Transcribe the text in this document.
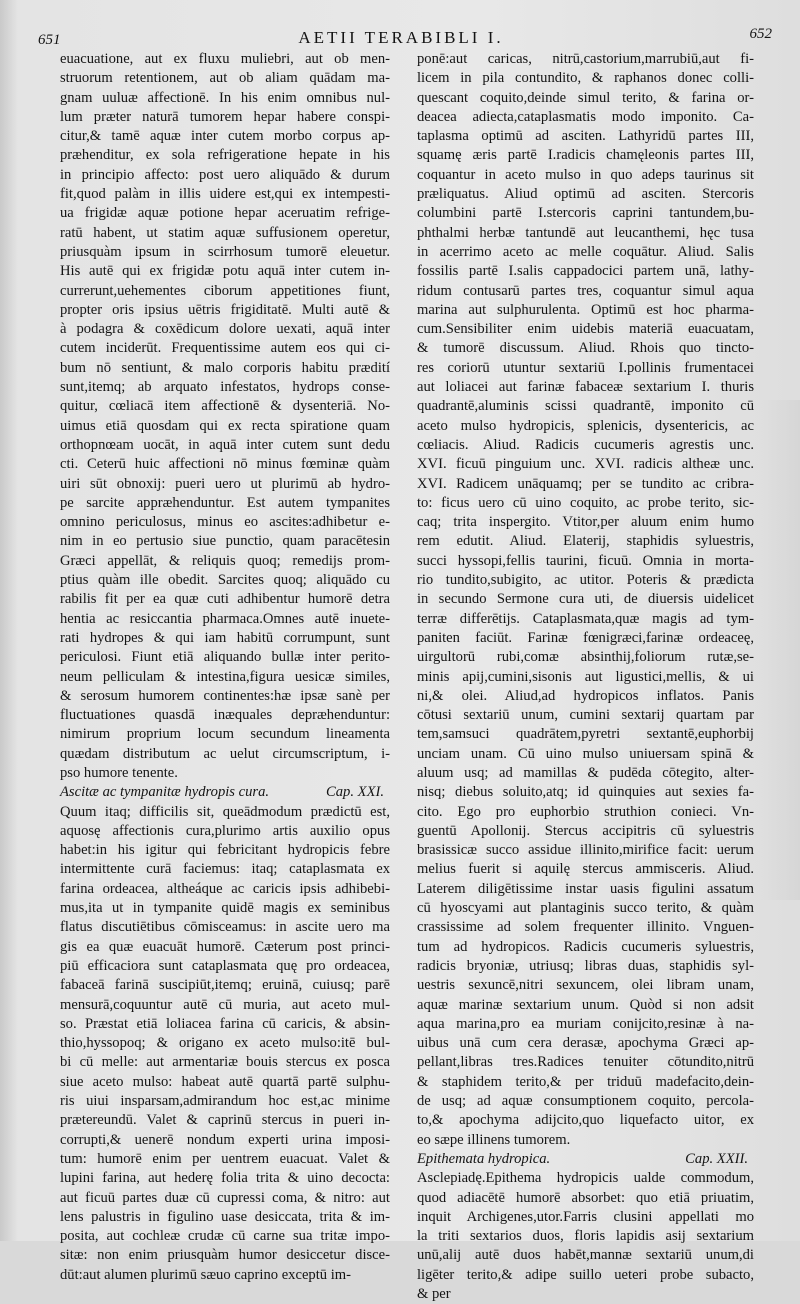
651	AETII TERABIBLI I.	652
euacuatione, aut ex fluxu muliebri, aut ob men-
struorum retentionem, aut ob aliam quādam ma-
gnam uuluæ affectionē. In his enim omnibus nul-
lum præter naturā tumorem hepar habere conspi-
citur,& tamē aquæ inter cutem morbo corpus ap-
præhenditur, ex sola refrigeratione hepate in his
in principio affecto: post uero aliquādo & durum
fit,quod palàm in illis uidere est,qui ex intempesti-
ua frigidæ aquæ potione hepar aceruatim refrige-
ratū habent, ut statim aquæ suffusionem operetur,
priusquàm ipsum in scirrhosum tumorē eleuetur.
His autē qui ex frigidæ potu aquā inter cutem in-
currerunt,uehementes ciborum appetitiones fiunt,
propter oris ipsius uētris frigiditatē. Multi autē &
à podagra & coxēdicum dolore uexati, aquā inter
cutem inciderūt. Frequentissime autem eos qui ci-
bum nō sentiunt, & malo corporis habitu prædití
sunt,itemq; ab arquato infestatos, hydrops conse-
quitur, cœliacā item affectionē & dysenteriā. No-
uimus etiā quosdam qui ex recta spiratione quam
orthopnœam uocāt, in aquā inter cutem sunt dedu
cti. Ceterū huic affectioni nō minus fœminæ quàm
uiri sūt obnoxij: pueri uero ut plurimū ab hydro-
pe sarcite appræhenduntur. Est autem tympanites
omnino periculosus, minus eo ascites:adhibetur e-
nim in eo pertusio siue punctio, quam paracētesin
Græci appellāt, & reliquis quoq; remedijs prom-
ptius quàm ille obedit. Sarcites quoq; aliquādo cu
rabilis fit per ea quæ cuti adhibentur humorē detra
hentia ac resiccantia pharmaca.Omnes autē inuete-
rati hydropes & qui iam habitū corrumpunt, sunt
periculosi. Fiunt etiā aliquando bullæ inter perito-
neum pelliculam & intestina,figura uesicæ similes,
& serosum humorem continentes:hæ ipsæ sanè per
fluctuationes quasdā inæquales depræhenduntur:
nimirum proprium locum secundum lineamenta
quædam distributum ac uelut circumscriptum, i-
pso humore tenente.
Ascitæ ac tympanitæ hydropis cura.	Cap. XXI.
Quum itaq; difficilis sit, queādmodum prædictū est,
aquosę affectionis cura,plurimo artis auxilio opus
habet:in his igitur qui febricitant hydropicis febre
intermittente curā faciemus: itaq; cataplasmata ex
farina ordeacea, altheáque ac caricis ipsis adhibebi-
mus,ita ut in tympanite quidē magis ex seminibus
flatus discutiētibus cōmisceamus: in ascite uero ma
gis ea quæ euacuāt humorē. Cæterum post princi-
piū efficaciora sunt cataplasmata quę pro ordeacea,
fabaceā farinā suscipiūt,itemq; eruinā, cuiusq; parē
mensurā,coquuntur autē cū muria, aut aceto mul-
so. Præstat etiā loliacea farina cū caricis, & absin-
thio,hyssopoq; & origano ex aceto mulso:itē bul-
bi cū melle: aut armentariæ bouis stercus ex posca
siue aceto mulso: habeat autē quartā partē sulphu-
ris uiui insparsam,admirandum hoc est,ac minime
prætereundū. Valet & caprinū stercus in pueri in-
corrupti,& uenerē nondum experti urina imposi-
tum: humorē enim per uentrem euacuat. Valet &
lupini farina, aut hederę folia trita & uino decocta:
aut ficuū partes duæ cū cupressi coma, & nitro: aut
lens palustris in figulino uase desiccata, trita & im-
posita, aut cochleæ crudæ cū carne sua tritæ impo-
sitæ: non enim priusquàm humor desiccetur disce-
dūt:aut alumen plurimū sæuo caprino exceptū im-
ponē:aut caricas, nitrū,castorium,marrubiū,aut fi-
licem in pila contundito, & raphanos donec colli-
quescant coquito,deinde simul terito, & farina or-
deacea adiecta,cataplasmatis modo imponito. Ca-
taplasma optimū ad asciten. Lathyridū partes III,
squamę æris partē I.radicis chamęleonis partes III,
coquantur in aceto mulso in quo adeps taurinus sit
præliquatus. Aliud optimū ad asciten. Stercoris
columbini partē I.stercoris caprini tantundem,bu-
phthalmi herbæ tantundē aut leucanthemi, hęc tusa
in acerrimo aceto ac melle coquātur. Aliud. Salis
fossilis partē I.salis cappadocici partem unā, lathy-
ridum contusarū partes tres, coquantur simul aqua
marina aut sulphurulenta. Optimū est hoc pharma-
cum.Sensibiliter enim uidebis materiā euacuatam,
& tumorē discussum. Aliud. Rhois quo tincto-
res coriorū utuntur sextariū I.pollinis frumentacei
aut loliacei aut farinæ fabaceæ sextarium I. thuris
quadrantē,aluminis scissi quadrantē, imponito cū
aceto mulso hydropicis, splenicis, dysentericis, ac
cœliacis. Aliud. Radicis cucumeris agrestis unc.
XVI. ficuū pinguium unc. XVI. radicis altheæ unc.
XVI. Radicem unāquamq; per se tundito ac cribra-
to: ficus uero cū uino coquito, ac probe terito, sic-
caq; trita inspergito. Vtitor,per aluum enim humo
rem edutit. Aliud. Elaterij, staphidis syluestris,
succi hyssopi,fellis taurini, ficuū. Omnia in morta-
rio tundito,subigito, ac utitor. Poteris & prædicta
in secundo Sermone cura uti, de diuersis uidelicet
terræ differētijs. Cataplasmata,quæ magis ad tym-
paniten faciūt. Farinæ fœnigræci,farinæ ordeaceę,
uirgultorū rubi,comæ absinthij,foliorum rutæ,se-
minis apij,cumini,sisonis aut ligustici,mellis, & ui
ni,& olei. Aliud,ad hydropicos inflatos. Panis
cōtusi sextariū unum, cumini sextarij quartam par
tem,samsuci quadrātem,pyretri sextantē,euphorbij
unciam unam. Cū uino mulso uniuersam spinā &
aluum usq; ad mamillas & pudēda cōtegito, alter-
nisq; diebus soluito,atq; id quinquies aut sexies fa-
cito. Ego pro euphorbio struthion conieci. Vn-
guentū Apollonij. Stercus accipitris cū syluestris
brasissicæ succo assidue illinito,mirifice facit: uerum
melius fuerit si aquilę stercus ammisceris. Aliud.
Laterem diligētissime instar uasis figulini assatum
cū hyoscyami aut plantaginis succo terito, & quàm
crassissime ad solem frequenter illinito. Vnguen-
tum ad hydropicos. Radicis cucumeris syluestris,
radicis bryoniæ, utriusq; libras duas, staphidis syl-
uestris sexuncē,nitri sexuncem, olei libram unam,
aquæ marinæ sextarium unum. Quòd si non adsit
aqua marina,pro ea muriam conijcito,resinæ à na-
uibus unā cum cera derasæ, apochyma Græci ap-
pellant,libras tres.Radices tenuiter cōtundito,nitrū
& staphidem terito,& per triduū madefacito,dein-
de usq; ad aquæ consumptionem coquito, percola-
to,& apochyma adijcito,quo liquefacto uitor, ex
eo sæpe illinens tumorem.
Epithemata hydropica.	Cap. XXII.
Asclepiadę.Epithema hydropicis ualde commodum,
quod adiacētē humorē absorbet: quo etiā priuatim,
inquit Archigenes,utor.Farris clusini appellati mo
la triti sextarios duos, floris lapidis asij sextarium
unū,alij autē duos habēt,mannæ sextariū unum,di
ligēter terito,& adipe suillo ueteri probe subacto,
& per
